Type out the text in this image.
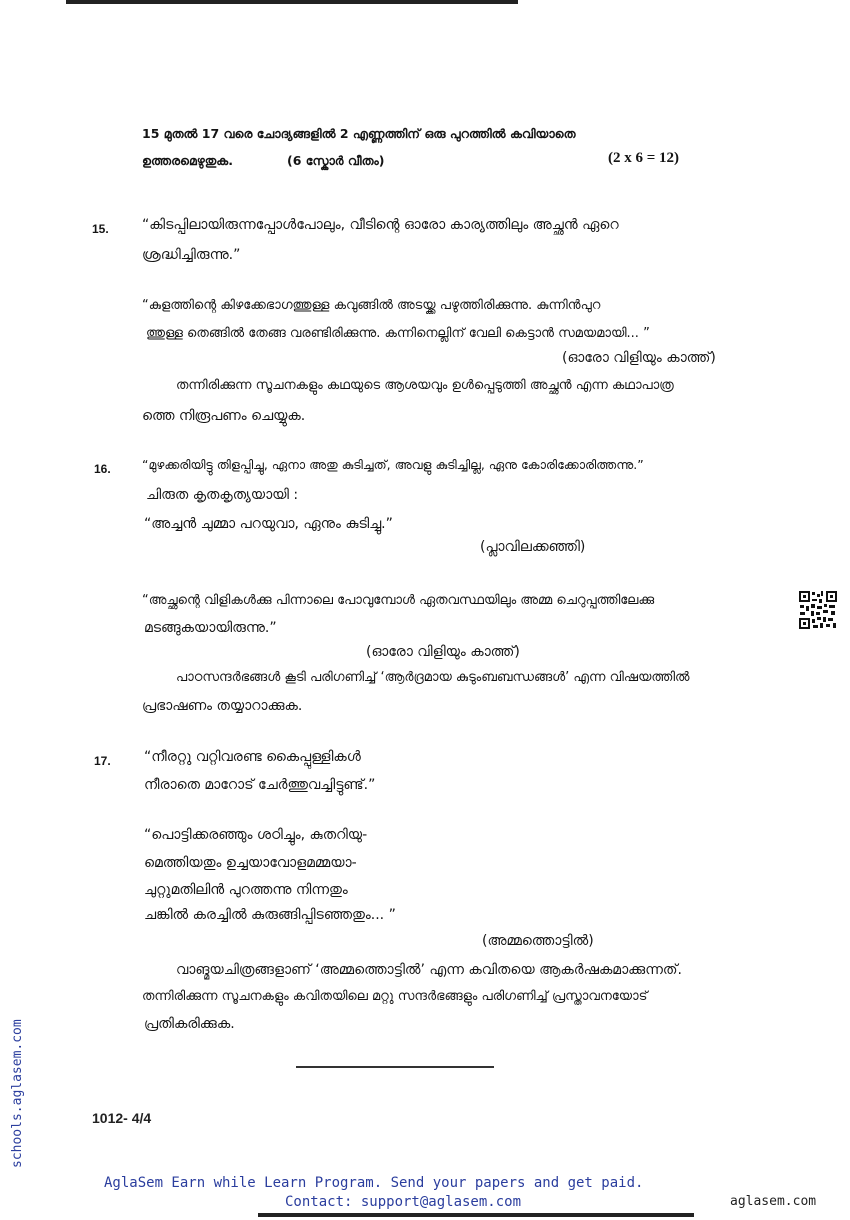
15 മുതൽ 17 വരെ ചോദ്യങ്ങളിൽ 2 എണ്ണത്തിന് ഒരു പുറത്തിൽ കവിയാതെ
ഉത്തരമെഴുതുക.	(6 സ്കോർ വീതം)	(2 x 6 = 12)
15. “കിടപ്പിലായിരുന്നപ്പോൾപോലും, വീടിന്റെ ഓരോ കാര്യത്തിലും അച്ഛൻ ഏറെ
ശ്രദ്ധിച്ചിരുന്നു.”
“കുളത്തിന്റെ കിഴക്കേഭാഗത്തുള്ള കവുങ്ങിൽ അടയ്ക്ക പഴുത്തിരിക്കുന്നു. കുന്നിൻപുറ
ത്തുള്ള തെങ്ങിൽ തേങ്ങ വരണ്ടിരിക്കുന്നു. കന്നിനെല്ലിന് വേലി കെട്ടാൻ സമയമായി... ”
(ഓരോ വിളിയും കാത്ത്)
തന്നിരിക്കുന്ന സൂചനകളും കഥയുടെ ആശയവും ഉൾപ്പെടുത്തി അച്ഛൻ എന്ന കഥാപാത്ര
ത്തെ നിരൂപണം ചെയ്യുക.
16.	“മുഴക്കരിയിട്ടു തിളപ്പിച്ചു, ഏനാ അതു കുടിച്ചത്, അവളു കുടിച്ചില്ല, ഏനു കോരിക്കോരിത്തന്നു.”
ചിരുത കൃതകൃത്യയായി :
“അച്ചൻ ചുമ്മാ പറയുവാ, ഏനും കുടിച്ചു.”
(പ്ലാവിലക്കഞ്ഞി)
“അച്ഛന്റെ വിളികൾക്കു പിന്നാലെ പോവുമ്പോൾ ഏതവസ്ഥയിലും അമ്മ ചെറുപ്പത്തിലേക്കു
മടങ്ങുകയായിരുന്നു.”
(ഓരോ വിളിയും കാത്ത്)
പാഠസന്ദർഭങ്ങൾ കൂടി പരിഗണിച്ച് ‘ആർദ്രമായ കുടുംബബന്ധങ്ങൾ’ എന്ന വിഷയത്തിൽ
പ്രഭാഷണം തയ്യാറാക്കുക.
17. “നീരറ്റു വറ്റിവരണ്ട കൈപ്പുള്ളികൾ
നീരാതെ മാറോട് ചേർത്തുവച്ചിട്ടുണ്ട്.”
“പൊട്ടിക്കരഞ്ഞും ശഠിച്ചും, കുതറിയു-
മെത്തിയതും ഉച്ചയാവോളമമ്മയാ-
ചുറ്റുമതിലിൻ പുറത്തന്നു നിന്നതും
ചങ്കിൽ കരച്ചിൽ കുരുങ്ങിപ്പിടഞ്ഞതും... ”
(അമ്മത്തൊട്ടിൽ)
വാങ്മയചിത്രങ്ങളാണ് ‘അമ്മത്തൊട്ടിൽ’ എന്ന കവിതയെ ആകർഷകമാക്കുന്നത്.
തന്നിരിക്കുന്ന സൂചനകളും കവിതയിലെ മറ്റു സന്ദർഭങ്ങളും പരിഗണിച്ച് പ്രസ്താവനയോട്
പ്രതികരിക്കുക.
1012- 4/4
schools.aglasem.com
AglaSem Earn while Learn Program. Send your papers and get paid.
Contact: support@aglasem.com	aglasem.com
